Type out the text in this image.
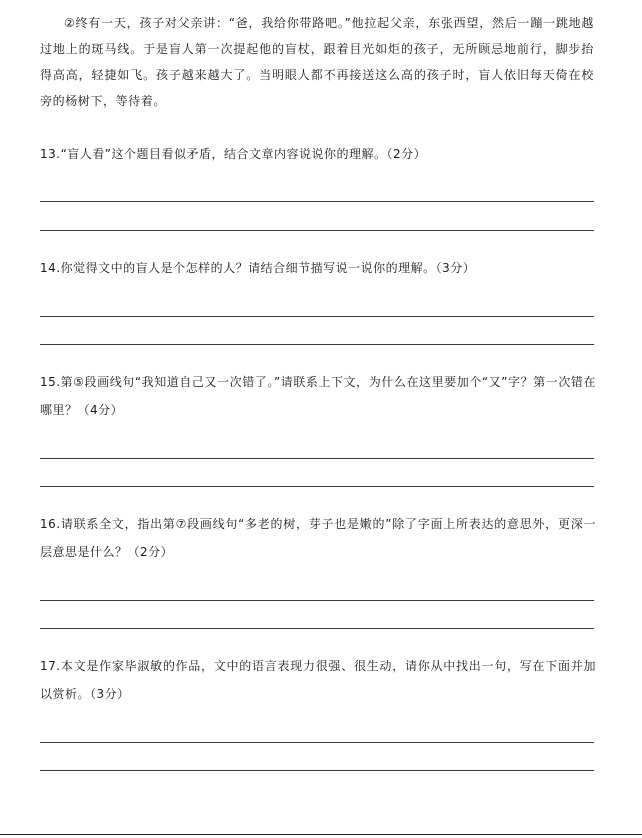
②终有一天，孩子对父亲讲：“爸，我给你带路吧。”他拉起父亲，东张西望，然后一蹦一跳地越过地上的斑马线。于是盲人第一次提起他的盲杖，跟着目光如炬的孩子，无所顾忌地前行，脚步抬得高高，轻捷如飞。孩子越来越大了。当明眼人都不再接送这么高的孩子时，盲人依旧每天倚在校旁的杨树下，等待着。

13.“盲人看”这个题目看似矛盾，结合文章内容说说你的理解。（2分）

14.你觉得文中的盲人是个怎样的人？请结合细节描写说一说你的理解。（3分）

15.第⑤段画线句“我知道自己又一次错了。”请联系上下文，为什么在这里要加个“又”字？第一次错在哪里？（4分）

16.请联系全文，指出第⑦段画线句“多老的树，芽子也是嫩的”除了字面上所表达的意思外，更深一层意思是什么？（2分）

17.本文是作家毕淑敏的作品，文中的语言表现力很强、很生动，请你从中找出一句，写在下面并加以赏析。（3分）
